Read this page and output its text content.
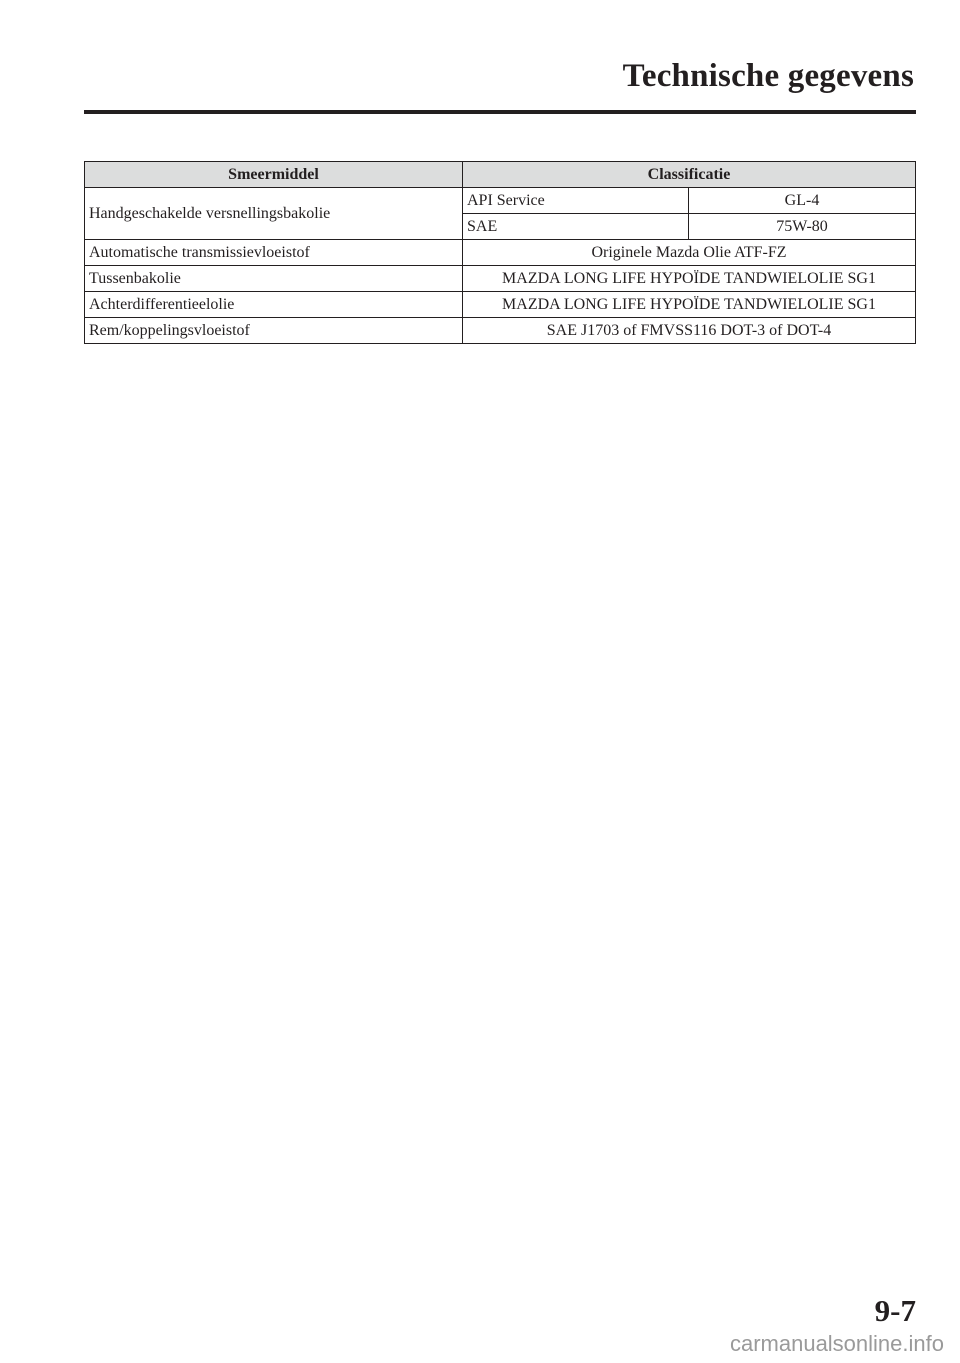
Technische gegevens
Smeermiddel	Classificatie	
Handgeschakelde versnellingsbakolie	API Service	GL-4
	SAE	75W-80
Automatische transmissievloeistof	Originele Mazda Olie ATF-FZ	
Tussenbakolie	MAZDA LONG LIFE HYPOÏDE TANDWIELOLIE SG1	
Achterdifferentieelolie	MAZDA LONG LIFE HYPOÏDE TANDWIELOLIE SG1	
Rem/koppelingsvloeistof	SAE J1703 of FMVSS116 DOT-3 of DOT-4	
9-7
carmanualsonline.info
